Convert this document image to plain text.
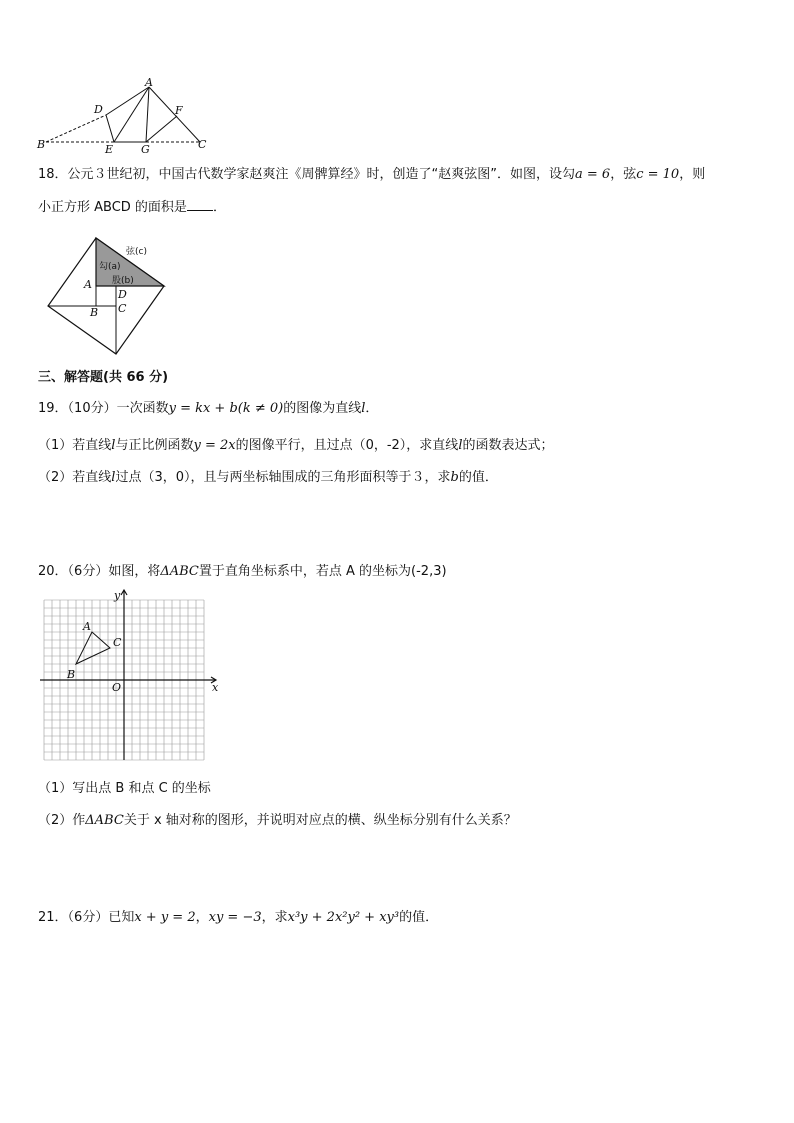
A
D	F
B	E	G	C
18．公元３世纪初，中国古代数学家赵爽注《周髀算经》时，创造了“赵爽弦图”．如图，设勾a = 6，弦c = 10，则
小正方形 ABCD 的面积是 ．
弦(c)
勾(a)
股(b)
A
D
C
B
三、解答题(共 66 分)
19．（10分）一次函数y = kx + b(k ≠ 0)的图像为直线l．
（1）若直线l与正比例函数y = 2x的图像平行，且过点（0，-2），求直线l的函数表达式；
（2）若直线l过点（3，0），且与两坐标轴围成的三角形面积等于３，求b的值．
20．（6分）如图，将ΔABC置于直角坐标系中，若点 A 的坐标为(-2,3)
y
x
O
A
B
C
（1）写出点 B 和点 C 的坐标
（2）作ΔABC关于 x 轴对称的图形，并说明对应点的横、纵坐标分别有什么关系？
21．（6分）已知x + y = 2，xy = −3，求x³y + 2x²y² + xy³的值．
